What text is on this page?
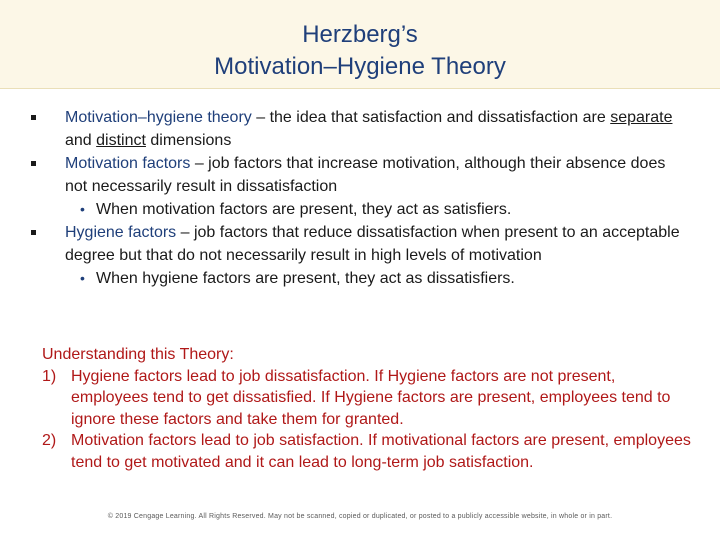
Herzberg’s
Motivation–Hygiene Theory
Motivation–hygiene theory – the idea that satisfaction and dissatisfaction are separate and distinct dimensions
Motivation factors – job factors that increase motivation, although their absence does not necessarily result in dissatisfaction
• When motivation factors are present, they act as satisfiers.
Hygiene factors – job factors that reduce dissatisfaction when present to an acceptable degree but that do not necessarily result in high levels of motivation
• When hygiene factors are present, they act as dissatisfiers.
Understanding this Theory:
1) Hygiene factors lead to job dissatisfaction. If Hygiene factors are not present, employees tend to get dissatisfied. If Hygiene factors are present, employees tend to ignore these factors and take them for granted.
2) Motivation factors lead to job satisfaction. If motivational factors are present, employees tend to get motivated and it can lead to long-term job satisfaction.
© 2019 Cengage Learning. All Rights Reserved. May not be scanned, copied or duplicated, or posted to a publicly accessible website, in whole or in part.
